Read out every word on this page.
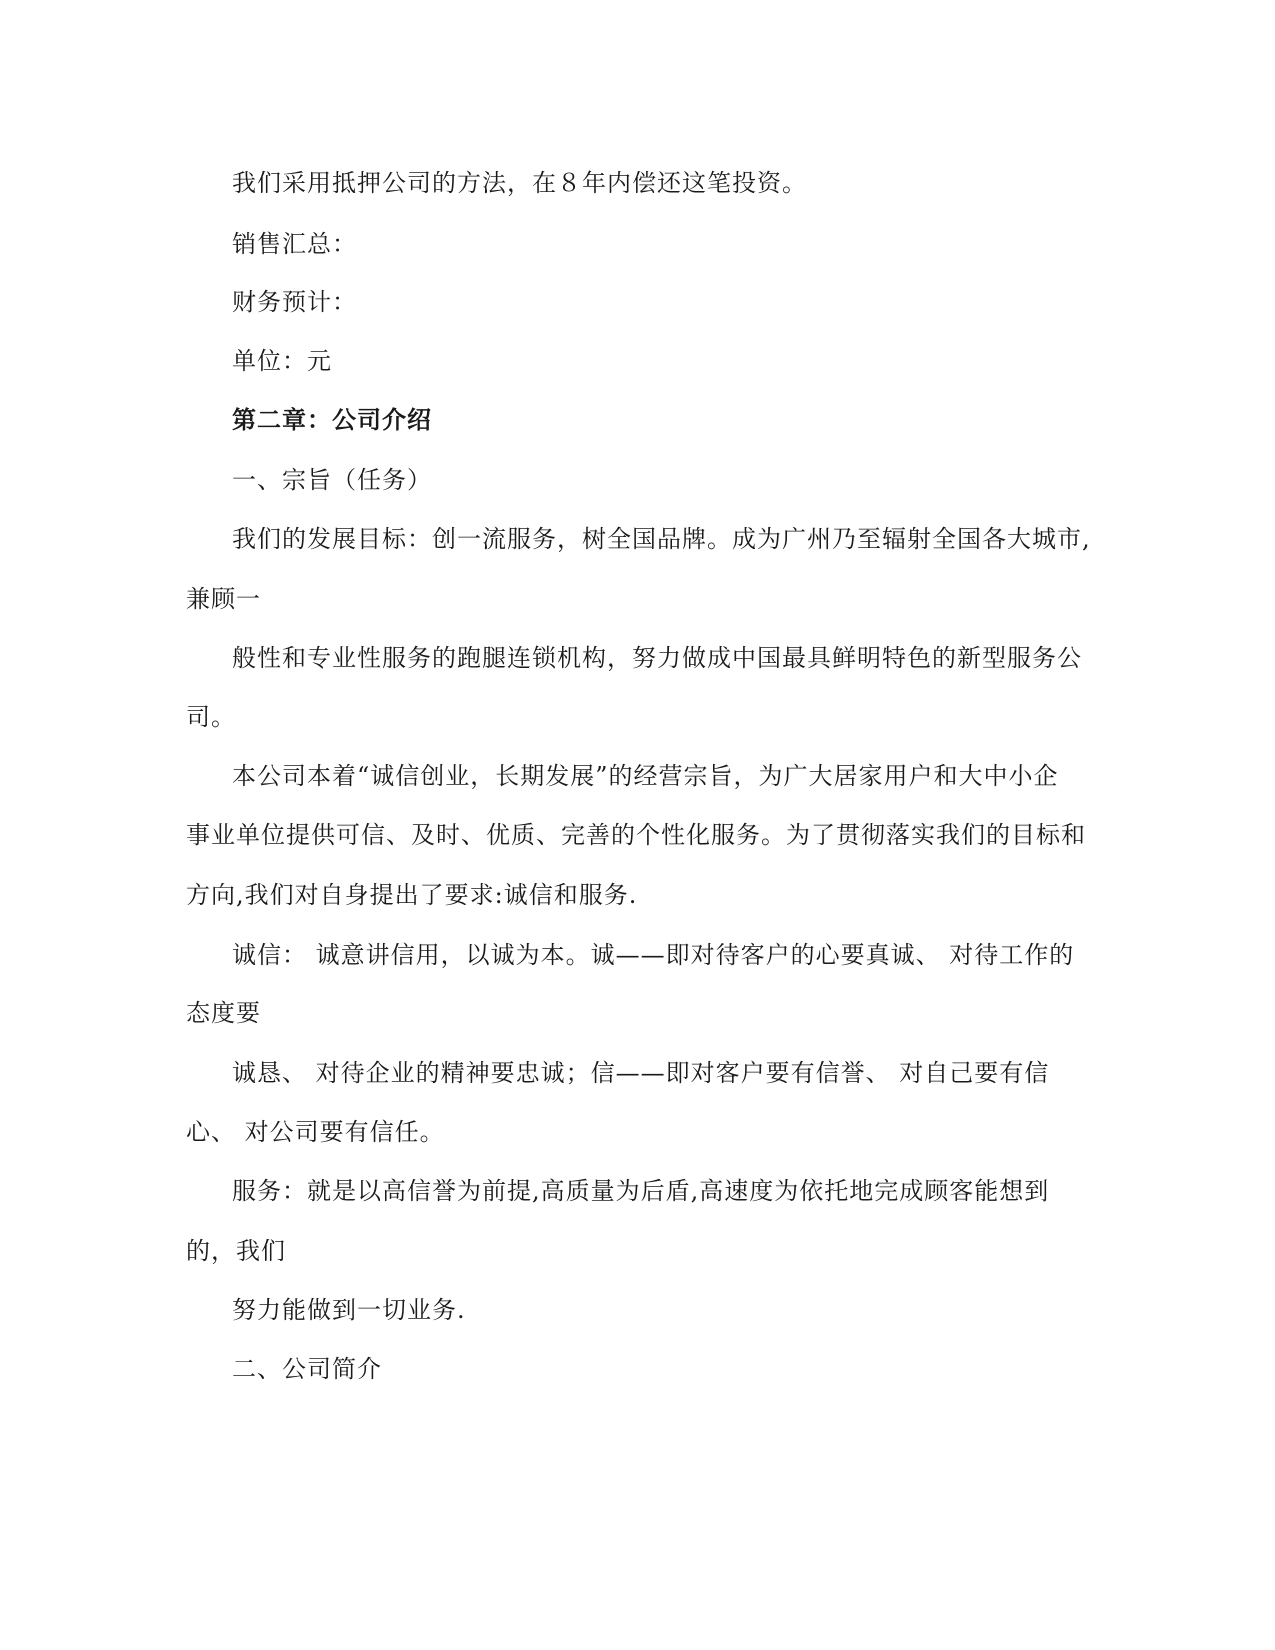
我们采用抵押公司的方法，在８年内偿还这笔投资。
销售汇总：
财务预计：
单位：元
第二章：公司介绍
一、宗旨（任务）
我们的发展目标：创一流服务，树全国品牌。成为广州乃至辐射全国各大城市,
兼顾一
般性和专业性服务的跑腿连锁机构，努力做成中国最具鲜明特色的新型服务公
司。
本公司本着“诚信创业，长期发展”的经营宗旨，为广大居家用户和大中小企
事业单位提供可信、及时、优质、完善的个性化服务。为了贯彻落实我们的目标和
方向,我们对自身提出了要求:诚信和服务.
诚信： 诚意讲信用，以诚为本。诚——即对待客户的心要真诚、 对待工作的
态度要
诚恳、 对待企业的精神要忠诚；信——即对客户要有信誉、 对自己要有信
心、 对公司要有信任。
服务：就是以高信誉为前提,高质量为后盾,高速度为依托地完成顾客能想到
的，我们
努力能做到一切业务.
二、公司简介
